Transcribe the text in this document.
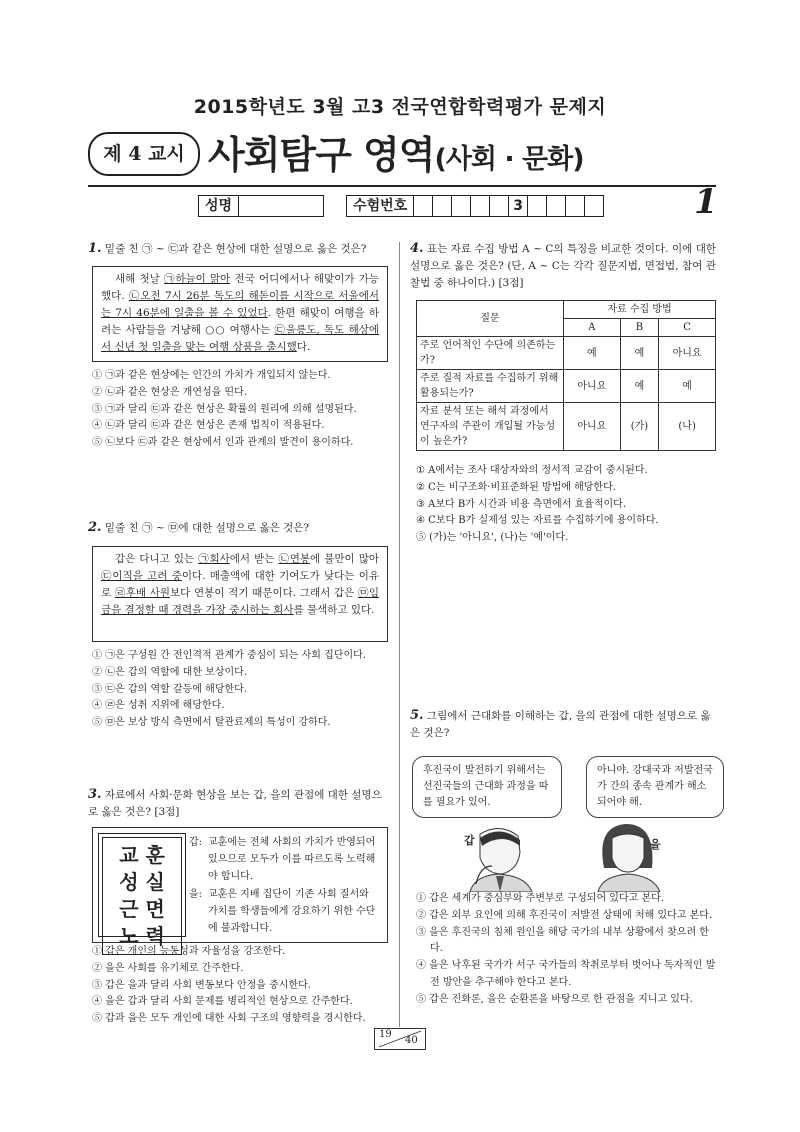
2015학년도 3월 고3 전국연합학력평가 문제지
제 4 교시 사회탐구 영역(사회 · 문화)
성명	수험번호	3	1
1. 밑줄 친 ㉠ ~ ㉢과 같은 현상에 대한 설명으로 옳은 것은?
새해 첫날 ㉠하늘이 맑아 전국 어디에서나 해맞이가 가능했다. ㉡오전 7시 26분 독도의 해돋이를 시작으로 서울에서는 7시 46분에 일출을 볼 수 있었다. 한편 해맞이 여행을 하려는 사람들을 겨냥해 ○○ 여행사는 ㉢울릉도, 독도 해상에서 신년 첫 일출을 맞는 여행 상품을 출시했다.
① ㉠과 같은 현상에는 인간의 가치가 개입되지 않는다.
② ㉡과 같은 현상은 개연성을 띤다.
③ ㉠과 달리 ㉢과 같은 현상은 확률의 원리에 의해 설명된다.
④ ㉡과 달리 ㉢과 같은 현상은 존재 법칙이 적용된다.
⑤ ㉡보다 ㉢과 같은 현상에서 인과 관계의 발견이 용이하다.
2. 밑줄 친 ㉠ ~ ㉤에 대한 설명으로 옳은 것은?
갑은 다니고 있는 ㉠회사에서 받는 ㉡연봉에 불만이 많아 ㉢이직을 고려 중이다. 매출액에 대한 기여도가 낮다는 이유로 ㉣후배 사원보다 연봉이 적기 때문이다. 그래서 갑은 ㉤임금을 결정할 때 경력을 가장 중시하는 회사를 물색하고 있다.
① ㉠은 구성원 간 전인격적 관계가 중심이 되는 사회 집단이다.
② ㉡은 갑의 역할에 대한 보상이다.
③ ㉢은 갑의 역할 갈등에 해당한다.
④ ㉣은 성취 지위에 해당한다.
⑤ ㉤은 보상 방식 측면에서 탈관료제의 특성이 강하다.
3. 자료에서 사회·문화 현상을 보는 갑, 을의 관점에 대한 설명으로 옳은 것은? [3점]
교 훈
성 실
근 면
노 력
갑: 교훈에는 전체 사회의 가치가 반영되어 있으므로 모두가 이를 따르도록 노력해야 합니다.
을: 교훈은 지배 집단이 기존 사회 질서와 가치를 학생들에게 강요하기 위한 수단에 불과합니다.
① 갑은 개인의 능동성과 자율성을 강조한다.
② 을은 사회를 유기체로 간주한다.
③ 갑은 을과 달리 사회 변동보다 안정을 중시한다.
④ 을은 갑과 달리 사회 문제를 병리적인 현상으로 간주한다.
⑤ 갑과 을은 모두 개인에 대한 사회 구조의 영향력을 경시한다.
4. 표는 자료 수집 방법 A ~ C의 특징을 비교한 것이다. 이에 대한 설명으로 옳은 것은? (단, A ~ C는 각각 질문지법, 면접법, 참여 관찰법 중 하나이다.) [3점]
질문	자료 수집 방법		
	A	B	C
주로 언어적인 수단에 의존하는가?	예	예	아니요
주로 질적 자료를 수집하기 위해 활용되는가?	아니요	예	예
자료 분석 또는 해석 과정에서 연구자의 주관이 개입될 가능성이 높은가?	아니요	(가)	(나)
① A에서는 조사 대상자와의 정서적 교감이 중시된다.
② C는 비구조화·비표준화된 방법에 해당한다.
③ A보다 B가 시간과 비용 측면에서 효율적이다.
④ C보다 B가 실제성 있는 자료를 수집하기에 용이하다.
⑤ (가)는 '아니요', (나)는 '예'이다.
5. 그림에서 근대화를 이해하는 갑, 을의 관점에 대한 설명으로 옳은 것은?
후진국이 발전하기 위해서는 선진국들의 근대화 과정을 따를 필요가 있어.
아니야. 강대국과 저발전국가 간의 종속 관계가 해소되어야 해.
갑	을
① 갑은 세계가 중심부와 주변부로 구성되어 있다고 본다.
② 갑은 외부 요인에 의해 후진국이 저발전 상태에 처해 있다고 본다.
③ 을은 후진국의 침체 원인을 해당 국가의 내부 상황에서 찾으려 한다.
④ 을은 낙후된 국가가 서구 국가들의 착취로부터 벗어나 독자적인 발전 방안을 추구해야 한다고 본다.
⑤ 갑은 진화론, 을은 순환론을 바탕으로 한 관점을 지니고 있다.
19
40
